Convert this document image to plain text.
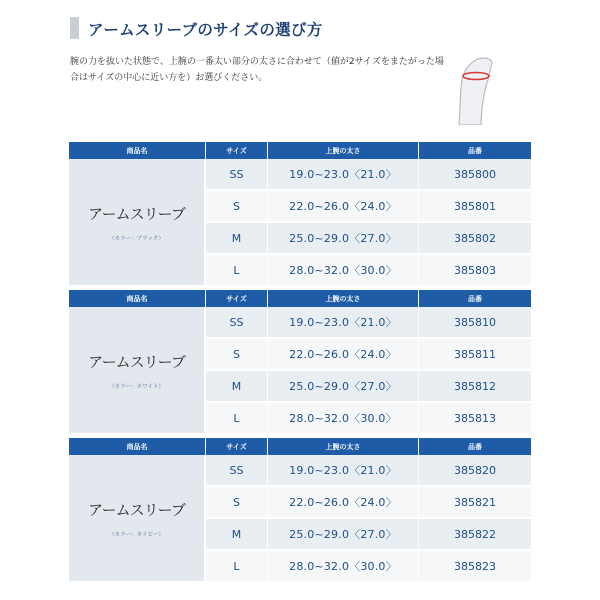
アームスリーブのサイズの選び方
腕の力を抜いた状態で、上腕の一番太い部分の太さに合わせて（値が2サイズをまたがった場合はサイズの中心に近い方を）お選びください。
商品名	サイズ	上腕の太さ	品番

アームスリーブ
（カラー：ブラック）	SS	19.0~23.0〈21.0〉	385800
	S	22.0~26.0〈24.0〉	385801
	M	25.0~29.0〈27.0〉	385802
	L	28.0~32.0〈30.0〉	385803
商品名	サイズ	上腕の太さ	品番

アームスリーブ
（カラー：ホワイト）	SS	19.0~23.0〈21.0〉	385810
	S	22.0~26.0〈24.0〉	385811
	M	25.0~29.0〈27.0〉	385812
	L	28.0~32.0〈30.0〉	385813
商品名	サイズ	上腕の太さ	品番

アームスリーブ
（カラー：ネイビー）	SS	19.0~23.0〈21.0〉	385820
	S	22.0~26.0〈24.0〉	385821
	M	25.0~29.0〈27.0〉	385822
	L	28.0~32.0〈30.0〉	385823
